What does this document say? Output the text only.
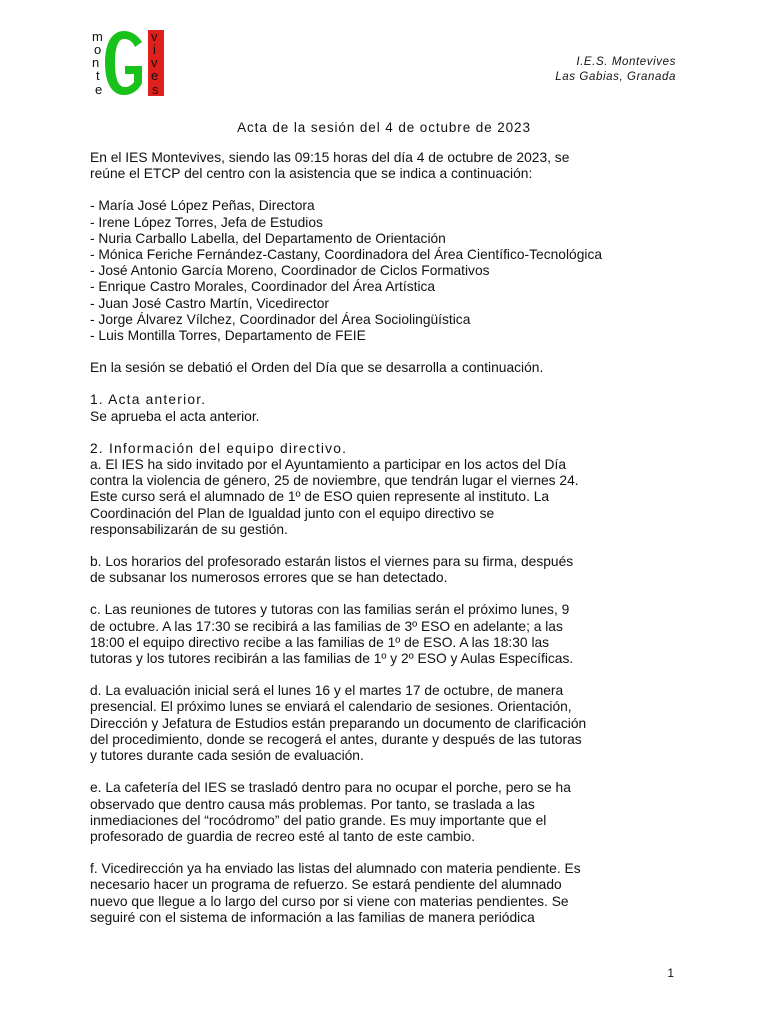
m
o
n
t
e
v
i
v
e
s
I.E.S. Montevives
Las Gabias, Granada
Acta de la sesión del 4 de octubre de 2023

En el IES Montevives, siendo las 09:15 horas del día 4 de octubre de 2023, se

reúne el ETCP del centro con la asistencia que se indica a continuación:

- María José López Peñas, Directora
- Irene López Torres, Jefa de Estudios
- Nuria Carballo Labella, del Departamento de Orientación
- Mónica Feriche Fernández-Castany, Coordinadora del Área Científico-Tecnológica
- José Antonio García Moreno, Coordinador de Ciclos Formativos
- Enrique Castro Morales, Coordinador del Área Artística
- Juan José Castro Martín, Vicedirector
- Jorge Álvarez Vílchez, Coordinador del Área Sociolingüística
- Luis Montilla Torres, Departamento de FEIE

En la sesión se debatió el Orden del Día que se desarrolla a continuación.

1. Acta anterior.

Se aprueba el acta anterior.

2. Información del equipo directivo.

a. El IES ha sido invitado por el Ayuntamiento a participar en los actos del Día

contra la violencia de género, 25 de noviembre, que tendrán lugar el viernes 24.

Este curso será el alumnado de 1º de ESO quien represente al instituto. La

Coordinación del Plan de Igualdad junto con el equipo directivo se

responsabilizarán de su gestión.

b. Los horarios del profesorado estarán listos el viernes para su firma, después

de subsanar los numerosos errores que se han detectado.

c. Las reuniones de tutores y tutoras con las familias serán el próximo lunes, 9

de octubre. A las 17:30 se recibirá a las familias de 3º ESO en adelante; a las

18:00 el equipo directivo recibe a las familias de 1º de ESO. A las 18:30 las

tutoras y los tutores recibirán a las familias de 1º y 2º ESO y Aulas Específicas.

d. La evaluación inicial será el lunes 16 y el martes 17 de octubre, de manera

presencial. El próximo lunes se enviará el calendario de sesiones. Orientación,

Dirección y Jefatura de Estudios están preparando un documento de clarificación

del procedimiento, donde se recogerá el antes, durante y después de las tutoras

y tutores durante cada sesión de evaluación.

e. La cafetería del IES se trasladó dentro para no ocupar el porche, pero se ha

observado que dentro causa más problemas. Por tanto, se traslada a las

inmediaciones del “rocódromo” del patio grande. Es muy importante que el

profesorado de guardia de recreo esté al tanto de este cambio.

f. Vicedirección ya ha enviado las listas del alumnado con materia pendiente. Es

necesario hacer un programa de refuerzo. Se estará pendiente del alumnado

nuevo que llegue a lo largo del curso por si viene con materias pendientes. Se

seguiré con el sistema de información a las familias de manera periódica

1
